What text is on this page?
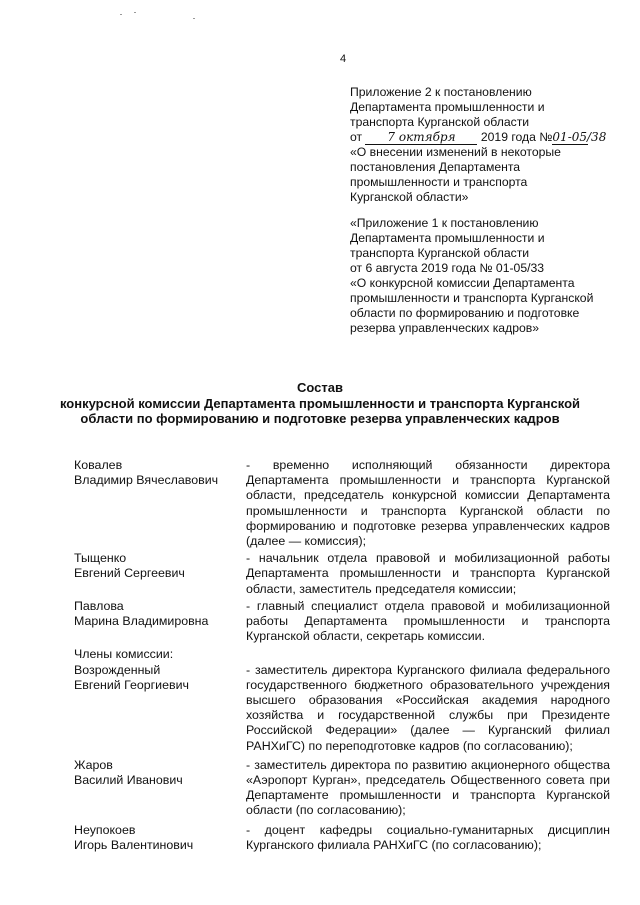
4

Приложение 2 к постановлению

Департамента промышленности и

транспорта Курганской области

от 7 октября 2019 года №01-05/38

«О внесении изменений в некоторые

постановления Департамента

промышленности и транспорта

Курганской области»

«Приложение 1 к постановлению

Департамента промышленности и

транспорта Курганской области

от 6 августа 2019 года № 01-05/33

«О конкурсной комиссии Департамента

промышленности и транспорта Курганской

области по формированию и подготовке

резерва управленческих кадров»

Состав
конкурсной комиссии Департамента промышленности и транспорта Курганской
области по формированию и подготовке резерва управленческих кадров
Ковалев
Владимир Вячеславович
- временно исполняющий обязанности директора Департамента промышленности и транспорта Курганской области, председатель конкурсной комиссии Департамента промышленности и транспорта Курганской области по формированию и подготовке резерва управленческих кадров (далее — комиссия);
Тыщенко
Евгений Сергеевич
- начальник отдела правовой и мобилизационной работы Департамента промышленности и транспорта Курганской области, заместитель председателя комиссии;
Павлова
Марина Владимировна
- главный специалист отдела правовой и мобилизационной работы Департамента промышленности и транспорта Курганской области, секретарь комиссии.
Члены комиссии:
Возрожденный
Евгений Георгиевич
- заместитель директора Курганского филиала федерального государственного бюджетного образовательного учреждения высшего образования «Российская академия народного хозяйства и государственной службы при Президенте Российской Федерации» (далее — Курганский филиал РАНХиГС) по переподготовке кадров (по согласованию);
Жаров
Василий Иванович
- заместитель директора по развитию акционерного общества «Аэропорт Курган», председатель Общественного совета при Департаменте промышленности и транспорта Курганской области (по согласованию);
Неупокоев
Игорь Валентинович
- доцент кафедры социально-гуманитарных дисциплин Курганского филиала РАНХиГС (по согласованию);
